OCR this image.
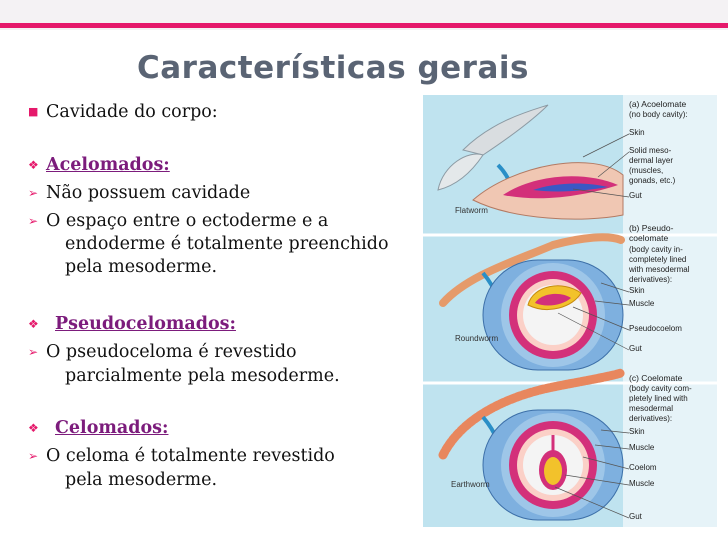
Características gerais
■ Cavidade do corpo:
❖ Acelomados:
➢ Não possuem cavidade
➢ O espaço entre o ectoderme e a
endoderme é totalmente preenchido
pela mesoderme.
❖ Pseudocelomados:
➢ O pseudoceloma é revestido
parcialmente pela mesoderme.
❖ Celomados:
➢ O celoma é totalmente revestido
pela mesoderme.
Flatworm
Roundworm
Earthworm
(a) Acoelomate (no body cavity): Skin Solid meso- dermal layer (muscles, gonads, etc.) Gut
(b) Pseudo- coelomate (body cavity in- completely lined with mesodermal derivatives): Skin Muscle Pseudocoelom Gut
(c) Coelomate (body cavity com- pletely lined with mesodermal derivatives): Skin Muscle Coelom Muscle Gut
